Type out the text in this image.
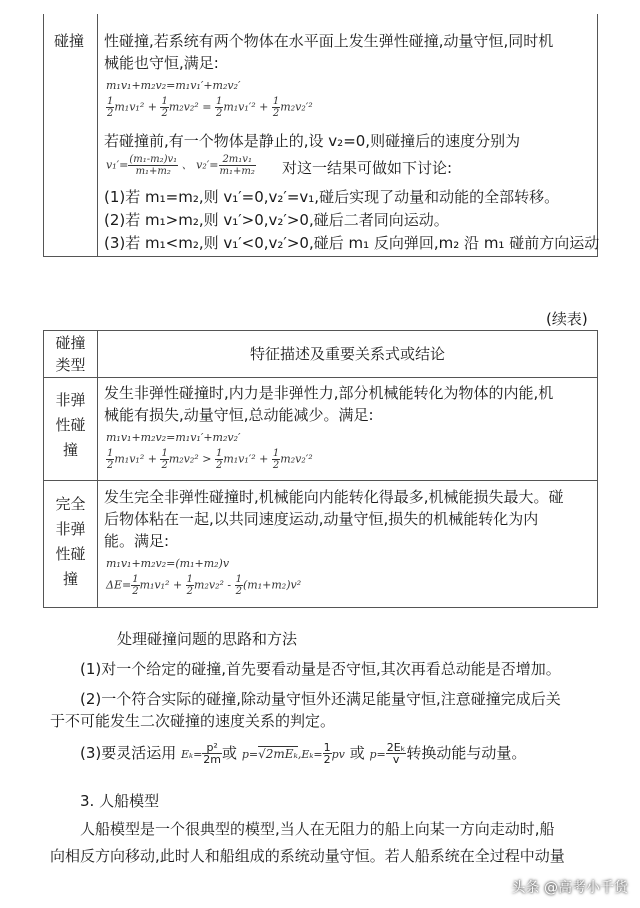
碰撞 性碰撞,若系统有两个物体在水平面上发生弹性碰撞,动量守恒,同时机
械能也守恒,满足:
m₁v₁+m₂v₂=m₁v₁′+m₂v₂′
$\frac{1}{2} m_1v_1^2 + \frac{1}{2} m_2v_2^2 = \frac{1}{2} m_1v_1'^2 + \frac{1}{2} m_2v_2'^2$
若碰撞前,有一个物体是静止的,设 v₂=0,则碰撞后的速度分别为
$v_1'= \frac{\text{(m₁-m₂)v₁}}{\text{m₁+m₂}}$ 、 $v_2'= \frac{\text{2m₁v₁}}{\text{m₁+m₂}}$ 对这一结果可做如下讨论:
(1)若 m₁=m₂,则 v₁′=0,v₂′=v₁,碰后实现了动量和动能的全部转移。
(2)若 m₁>m₂,则 v₁′>0,v₂′>0,碰后二者同向运动。
(3)若 m₁<m₂,则 v₁′<0,v₂′>0,碰后 m₁ 反向弹回,m₂ 沿 m₁ 碰前方向运动
(续表)
碰撞
类型
特征描述及重要关系式或结论
非弹
性碰
撞
发生非弹性碰撞时,内力是非弹性力,部分机械能转化为物体的内能,机
械能有损失,动量守恒,总动能减少。满足:
m₁v₁+m₂v₂=m₁v₁′+m₂v₂′
$\frac{1}{2} m_1v_1^2 + \frac{1}{2} m_2v_2^2 > \frac{1}{2} m_1v_1'^2 + \frac{1}{2} m_2v_2'^2$
完全
非弹
性碰
撞
发生完全非弹性碰撞时,机械能向内能转化得最多,机械能损失最大。碰
后物体粘在一起,以共同速度运动,动量守恒,损失的机械能转化为内
能。满足:
m₁v₁+m₂v₂=(m₁+m₂)v
$\Delta E= \frac{1}{2} m_1v_1^2 + \frac{1}{2} m_2v_2^2 - \frac{1}{2} (m_1+m_2)v^2$
处理碰撞问题的思路和方法
(1)对一个给定的碰撞,首先要看动量是否守恒,其次再看总动能是否增加。
(2)一个符合实际的碰撞,除动量守恒外还满足能量守恒,注意碰撞完成后关
于不可能发生二次碰撞的速度关系的判定。
(3)要灵活运用 $E_k= \frac{\text{p²}}{2m}$ 或 $p=√2mE_k,E_k= \frac{1}{2}$ pv 或 $p= \frac{\text{2Eₖ}}{v}$ 转换动能与动量。
3. 人船模型
人船模型是一个很典型的模型,当人在无阻力的船上向某一方向走动时,船
向相反方向移动,此时人和船组成的系统动量守恒。若人船系统在全过程中动量
头条 @高考小千货
